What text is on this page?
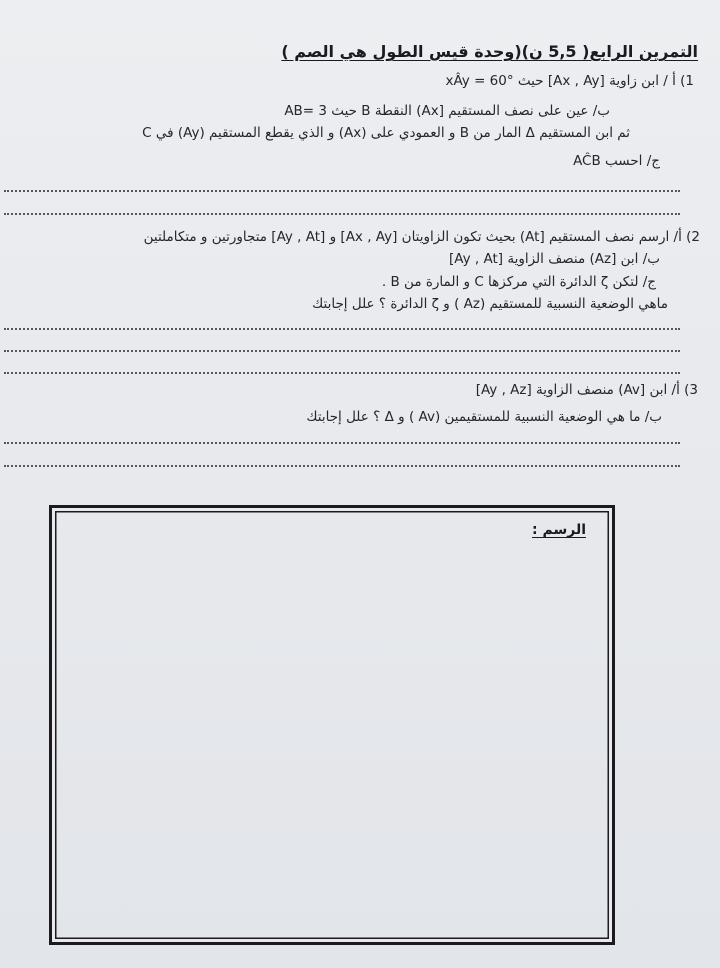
التمرين الرابع( 5,5 ن)(وحدة قيس الطول هي الصم )
1) أ / ابن زاوية [Ax , Ay] حيث xÂy = 60°
ب/ عين على نصف المستقيم [Ax) النقطة B حيث AB= 3
ثم ابن المستقيم Δ المار من B و العمودي على (Ax) و الذي يقطع المستقيم (Ay) في C
ج/ احسب AĈB
2) أ/ ارسم نصف المستقيم [At) بحيث تكون الزاويتان [Ax , Ay] و [Ay , At] متجاورتين و متكاملتين
ب/ ابن [Az) منصف الزاوية [Ay , At]
ج/ لتكن ζ الدائرة التي مركزها C و المارة من B .
ماهي الوضعية النسبية للمستقيم (Az ) و ζ الدائرة ؟ علل إجابتك
3) أ/ ابن [Av) منصف الزاوية [Ay , Az]
ب/ ما هي الوضعية النسبية للمستقيمين (Av ) و Δ ؟ علل إجابتك
الرسم :
